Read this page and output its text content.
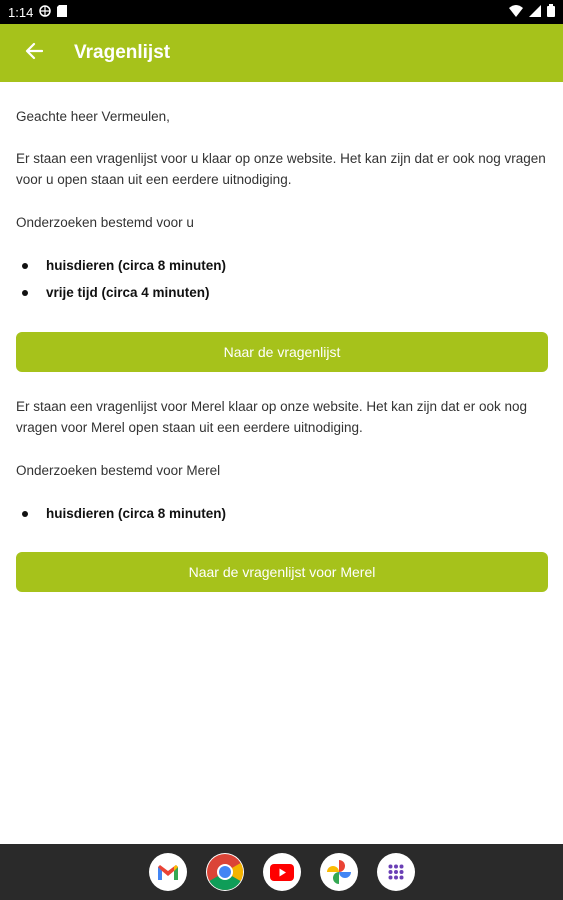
1:14
Vragenlijst

Geachte heer Vermeulen,

Er staan een vragenlijst voor u klaar op onze website. Het kan zijn dat er ook nog vragen voor u open staan uit een eerdere uitnodiging.

Onderzoeken bestemd voor u

huisdieren (circa 8 minuten)
vrije tijd (circa 4 minuten)
Naar de vragenlijst

Er staan een vragenlijst voor Merel klaar op onze website. Het kan zijn dat er ook nog vragen voor Merel open staan uit een eerdere uitnodiging.

Onderzoeken bestemd voor Merel

huisdieren (circa 8 minuten)
Naar de vragenlijst voor Merel
